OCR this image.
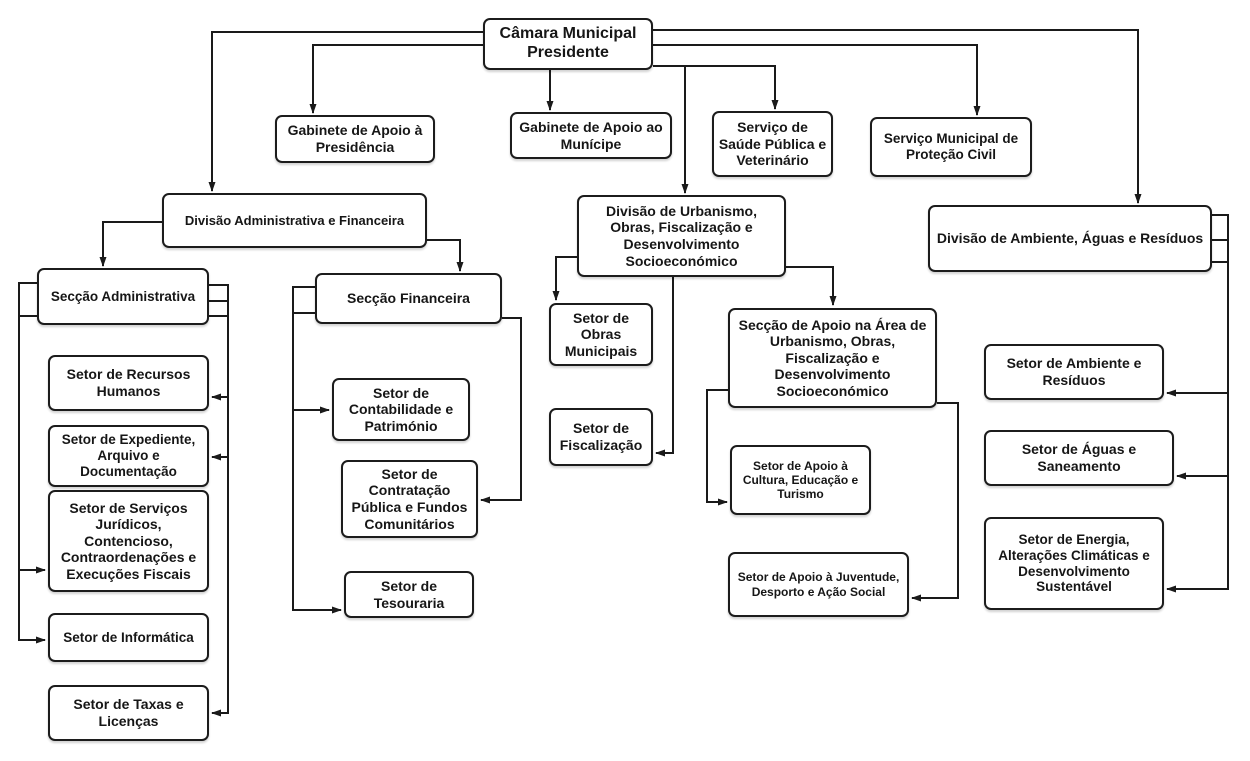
Câmara Municipal Presidente
Gabinete de Apoio à Presidência
Gabinete de Apoio ao Munícipe
Serviço de Saúde Pública e Veterinário
Serviço Municipal de Proteção Civil
Divisão Administrativa e Financeira
Divisão de Urbanismo, Obras, Fiscalização e Desenvolvimento Socioeconómico
Divisão de Ambiente, Águas e Resíduos
Secção Administrativa	Secção Financeira
Setor de Recursos Humanos
Setor de Expediente, Arquivo e Documentação
Setor de Serviços Jurídicos, Contencioso, Contraordenações e Execuções Fiscais
Setor de Informática
Setor de Taxas e Licenças
Setor de Contabilidade e Património
Setor de Contratação Pública e Fundos Comunitários
Setor de Tesouraria
Setor de Obras Municipais
Setor de Fiscalização
Secção de Apoio na Área de Urbanismo, Obras, Fiscalização e Desenvolvimento Socioeconómico
Setor de Apoio à Cultura, Educação e Turismo
Setor de Apoio à Juventude, Desporto e Ação Social
Setor de Ambiente e Resíduos
Setor de Águas e Saneamento
Setor de Energia, Alterações Climáticas e Desenvolvimento Sustentável
